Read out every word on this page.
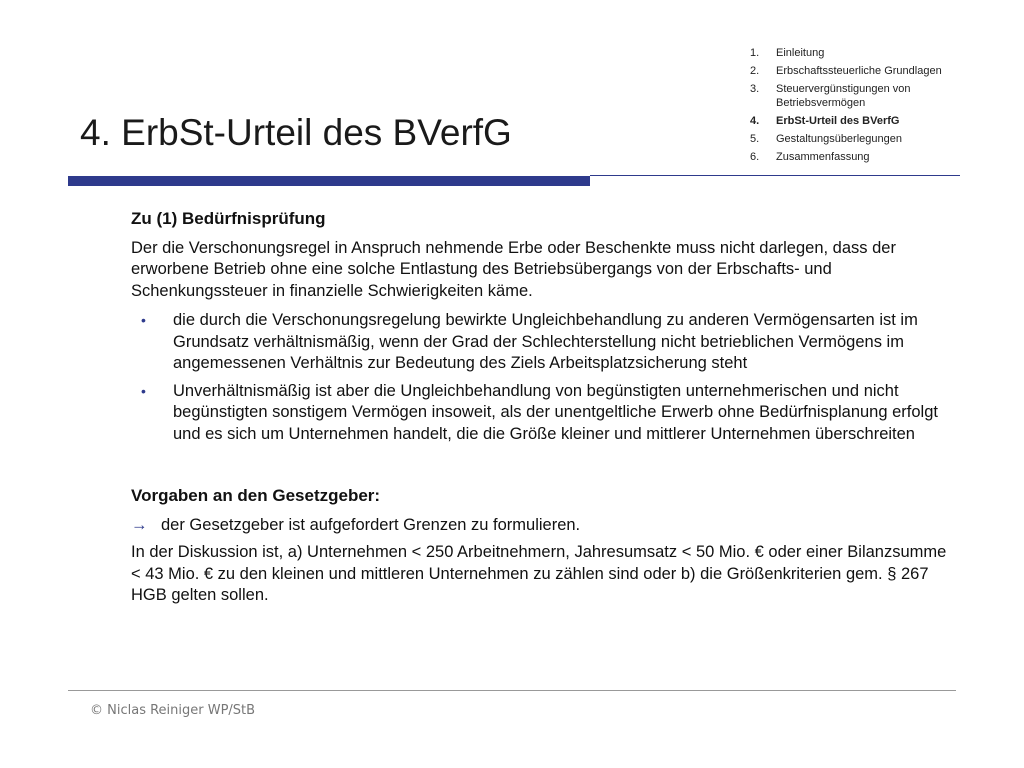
4. ErbSt-Urteil des BVerfG
1.	Einleitung
2.	Erbschaftssteuerliche Grundlagen
3.	Steuervergünstigungen von Betriebsvermögen
4.	ErbSt-Urteil des BVerfG
5.	Gestaltungsüberlegungen
6.	Zusammenfassung
Zu (1) Bedürfnisprüfung

Der die Verschonungsregel in Anspruch nehmende Erbe oder Beschenkte muss nicht darlegen, dass der erworbene Betrieb ohne eine solche Entlastung des Betriebsübergangs von der Erbschafts- und Schenkungssteuer in finanzielle Schwierigkeiten käme.

• die durch die Verschonungsregelung bewirkte Ungleichbehandlung zu anderen Vermögensarten ist im Grundsatz verhältnismäßig, wenn der Grad der Schlechterstellung nicht betrieblichen Vermögens im angemessenen Verhältnis zur Bedeutung des Ziels Arbeitsplatzsicherung steht
• Unverhältnismäßig ist aber die Ungleichbehandlung von begünstigten unternehmerischen und nicht begünstigten sonstigem Vermögen insoweit, als der unentgeltliche Erwerb ohne Bedürfnisplanung erfolgt und es sich um Unternehmen handelt, die die Größe kleiner und mittlerer Unternehmen überschreiten
Vorgaben an den Gesetzgeber:
→ der Gesetzgeber ist aufgefordert Grenzen zu formulieren.

In der Diskussion ist, a) Unternehmen < 250 Arbeitnehmern, Jahresumsatz < 50 Mio. € oder einer Bilanzsumme < 43 Mio. € zu den kleinen und mittleren Unternehmen zu zählen sind oder b) die Größenkriterien gem. § 267 HGB gelten sollen.

© Niclas Reiniger WP/StB
